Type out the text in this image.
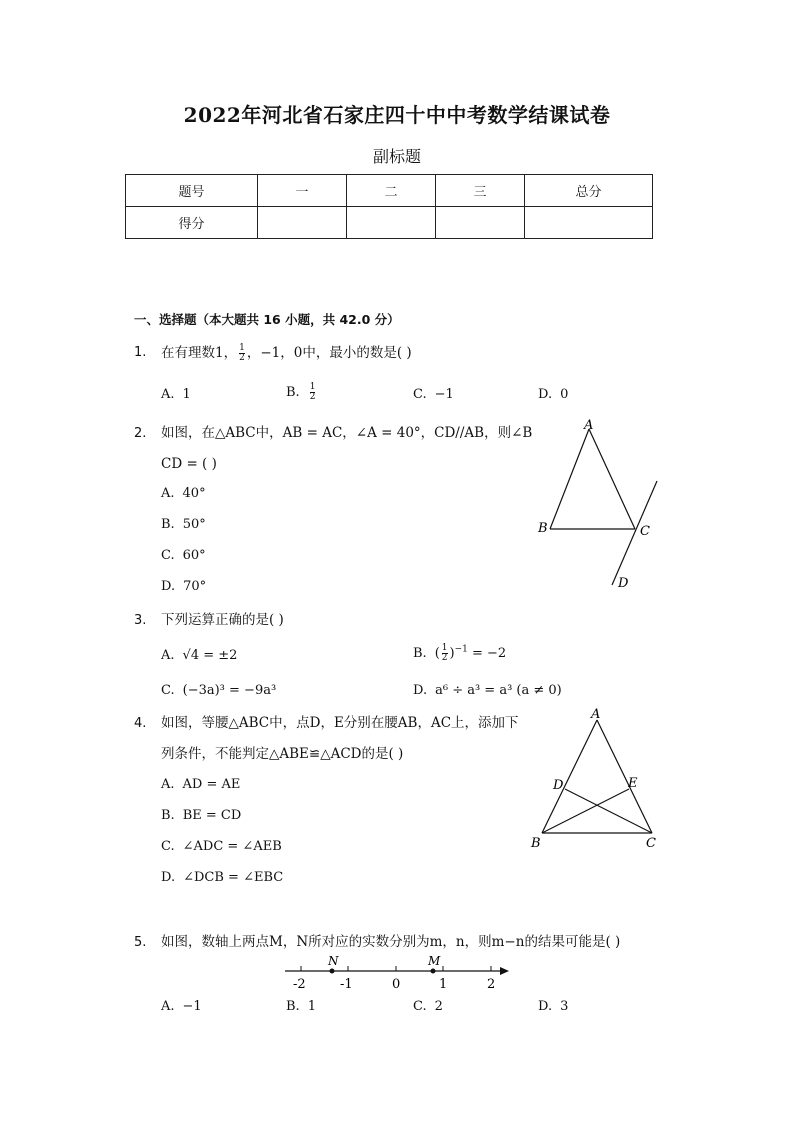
2022年河北省石家庄四十中中考数学结课试卷
副标题
题号	一	二	三	总分
得分				
一、选择题（本大题共 16 小题，共 42.0 分）
1. 在有理数1， $\frac{1}{2}$ ，−1，0中，最小的数是( )
A. 1	B. $\frac{1}{2}$	C. −1	D. 0
2. 如图，在△ABC中，AB = AC，∠A = 40°，CD//AB，则∠B
CD = ( )
A. 40°
B. 50°
C. 60°
D. 70°
A
B	C
D
3. 下列运算正确的是( )
A. √4 = ±2	B. ( $\frac{1}{2} )^{-1} = -2$
C. (−3a)³ = −9a³	D. a⁶ ÷ a³ = a³ (a ≠ 0)
4. 如图，等腰△ABC中，点D，E分别在腰AB，AC上，添加下
列条件，不能判定△ABE≌△ACD的是( )
A. AD = AE
B. BE = CD
C. ∠ADC = ∠AEB
D. ∠DCB = ∠EBC
A
D	E
B	C
5. 如图，数轴上两点M，N所对应的实数分别为m，n，则m−n的结果可能是( )
N	M
-2	-1	0	1	2
A. −1	B. 1	C. 2	D. 3
